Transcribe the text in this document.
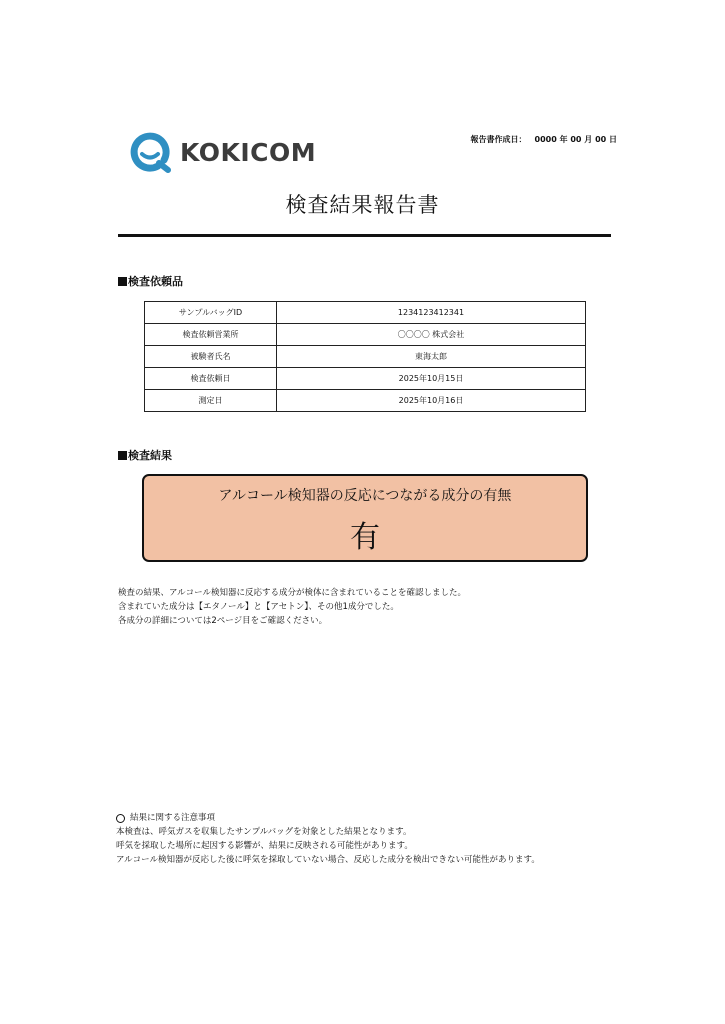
KOKICOM	報告書作成日： 0000 年 00 月 00 日
検査結果報告書
検査依頼品
サンプルバッグID	1234123412341
検査依頼営業所	〇〇〇〇 株式会社
被験者氏名	東海太郎
検査依頼日	2025年10月15日
測定日	2025年10月16日
検査結果
アルコール検知器の反応につながる成分の有無
有
検査の結果、アルコール検知器に反応する成分が検体に含まれていることを確認しました。
含まれていた成分は【エタノール】と【アセトン】、その他1成分でした。
各成分の詳細については2ページ目をご確認ください。
結果に関する注意事項
本検査は、呼気ガスを収集したサンプルバッグを対象とした結果となります。
呼気を採取した場所に起因する影響が、結果に反映される可能性があります。
アルコール検知器が反応した後に呼気を採取していない場合、反応した成分を検出できない可能性があります。
